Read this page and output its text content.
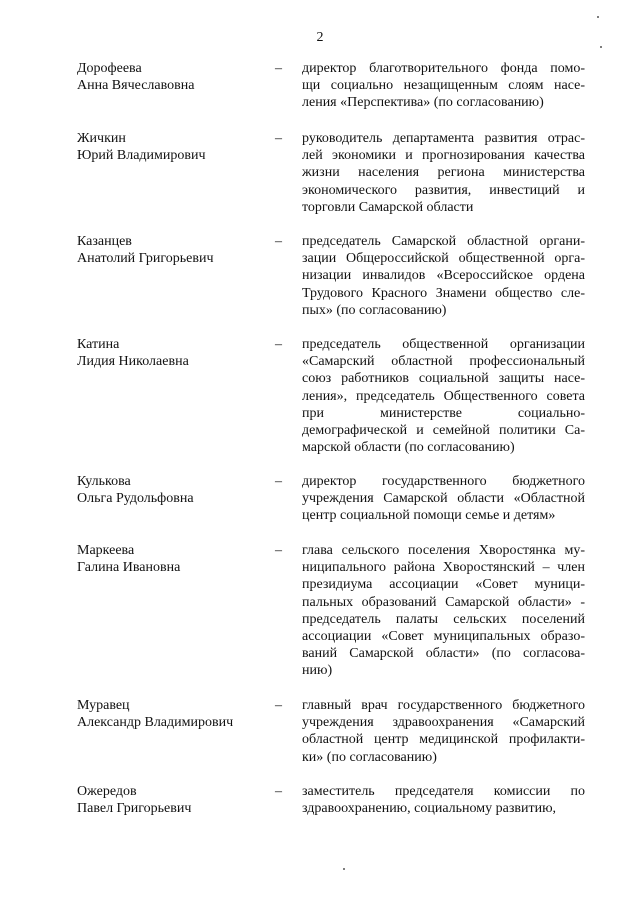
2
Дорофеева
Анна Вячеславовна
– директор благотворительного фонда помо-
щи социально незащищенным слоям насе-
ления «Перспектива» (по согласованию)
Жичкин
Юрий Владимирович
– руководитель департамента развития отрас-
лей экономики и прогнозирования качества
жизни населения региона министерства
экономического развития, инвестиций и
торговли Самарской области
Казанцев
Анатолий Григорьевич
– председатель Самарской областной органи-
зации Общероссийской общественной орга-
низации инвалидов «Всероссийское ордена
Трудового Красного Знамени общество сле-
пых» (по согласованию)
Катина
Лидия Николаевна
– председатель общественной организации
«Самарский областной профессиональный
союз работников социальной защиты насе-
ления», председатель Общественного совета
при министерстве социально-
демографической и семейной политики Са-
марской области (по согласованию)
Кулькова
Ольга Рудольфовна
– директор государственного бюджетного
учреждения Самарской области «Областной
центр социальной помощи семье и детям»
Маркеева
Галина Ивановна
– глава сельского поселения Хворостянка му-
ниципального района Хворостянский – член
президиума ассоциации «Совет муници-
пальных образований Самарской области» -
председатель палаты сельских поселений
ассоциации «Совет муниципальных образо-
ваний Самарской области» (по согласова-
нию)
Муравец
Александр Владимирович
– главный врач государственного бюджетного
учреждения здравоохранения «Самарский
областной центр медицинской профилакти-
ки» (по согласованию)
Ожередов
Павел Григорьевич
– заместитель председателя комиссии по
здравоохранению, социальному развитию,
